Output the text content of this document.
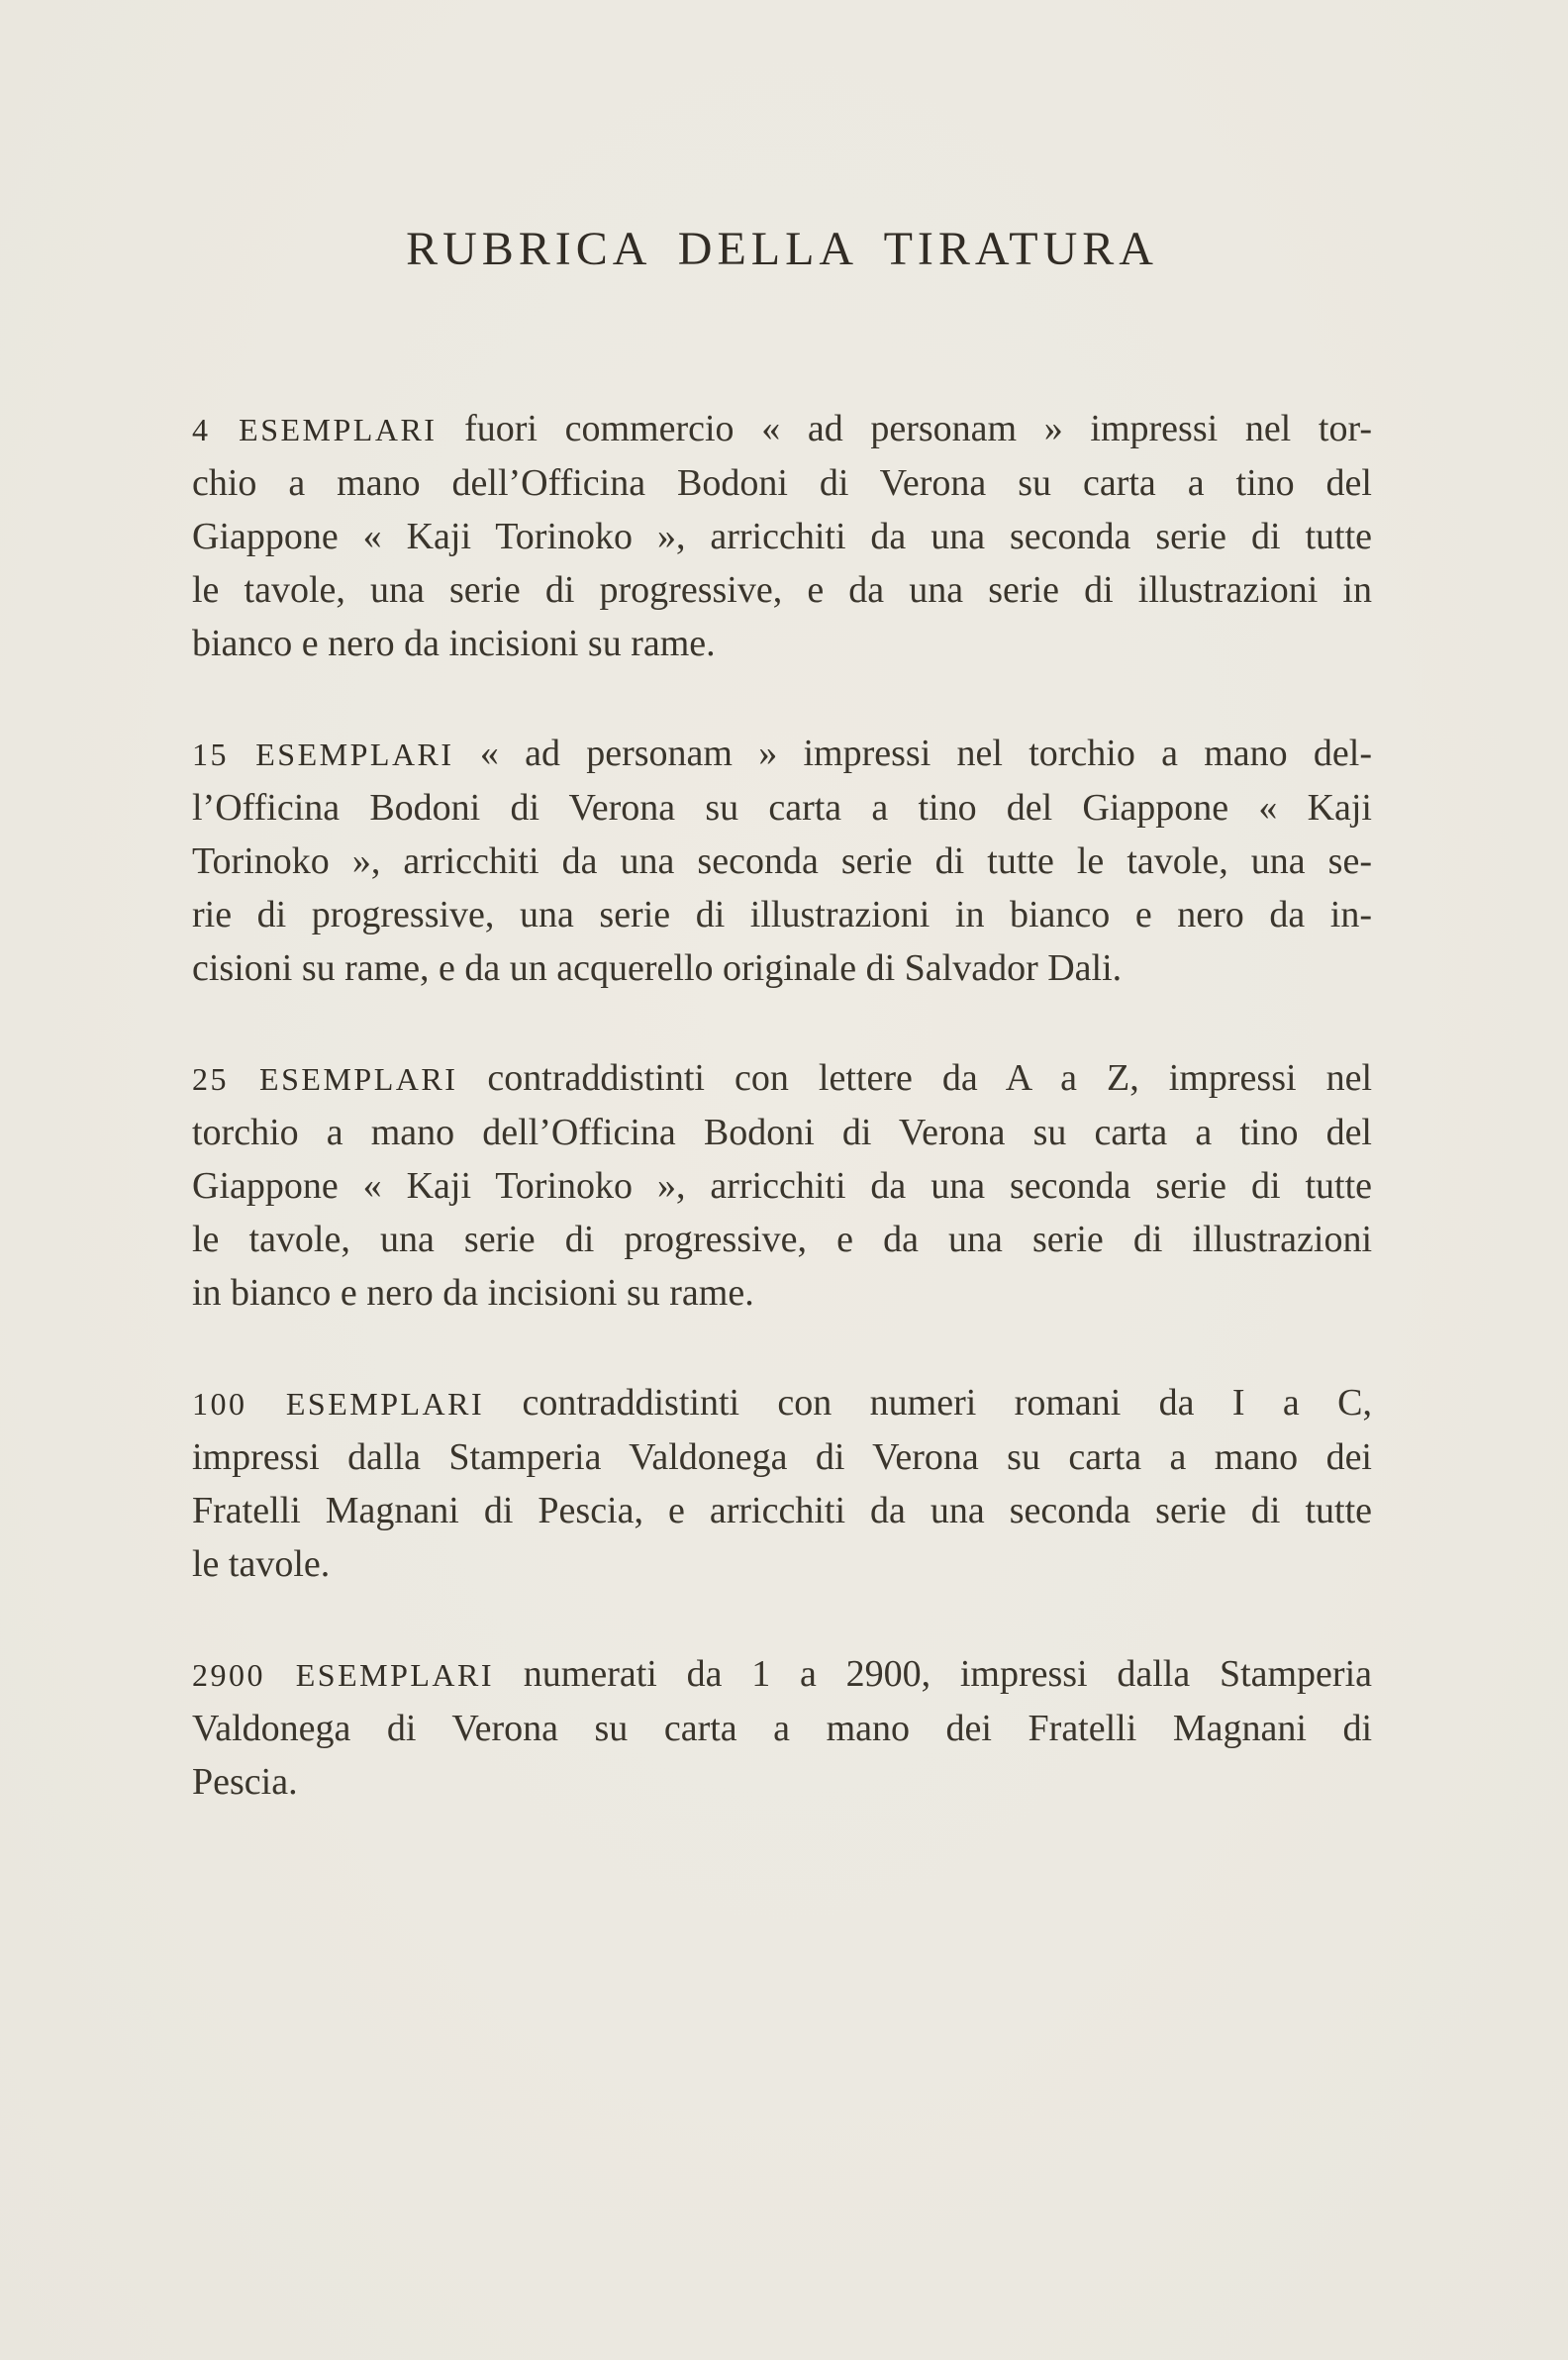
RUBRICA DELLA TIRATURA
4 ESEMPLARI fuori commercio « ad personam » impressi nel tor-
chio a mano dell’Officina Bodoni di Verona su carta a tino del
Giappone « Kaji Torinoko », arricchiti da una seconda serie di tutte
le tavole, una serie di progressive, e da una serie di illustrazioni in
bianco e nero da incisioni su rame.
15 ESEMPLARI « ad personam » impressi nel torchio a mano del-
l’Officina Bodoni di Verona su carta a tino del Giappone « Kaji
Torinoko », arricchiti da una seconda serie di tutte le tavole, una se-
rie di progressive, una serie di illustrazioni in bianco e nero da in-
cisioni su rame, e da un acquerello originale di Salvador Dali.
25 ESEMPLARI contraddistinti con lettere da A a Z, impressi nel
torchio a mano dell’Officina Bodoni di Verona su carta a tino del
Giappone « Kaji Torinoko », arricchiti da una seconda serie di tutte
le tavole, una serie di progressive, e da una serie di illustrazioni
in bianco e nero da incisioni su rame.
100 ESEMPLARI contraddistinti con numeri romani da I a C,
impressi dalla Stamperia Valdonega di Verona su carta a mano dei
Fratelli Magnani di Pescia, e arricchiti da una seconda serie di tutte
le tavole.
2900 ESEMPLARI numerati da 1 a 2900, impressi dalla Stamperia
Valdonega di Verona su carta a mano dei Fratelli Magnani di
Pescia.
